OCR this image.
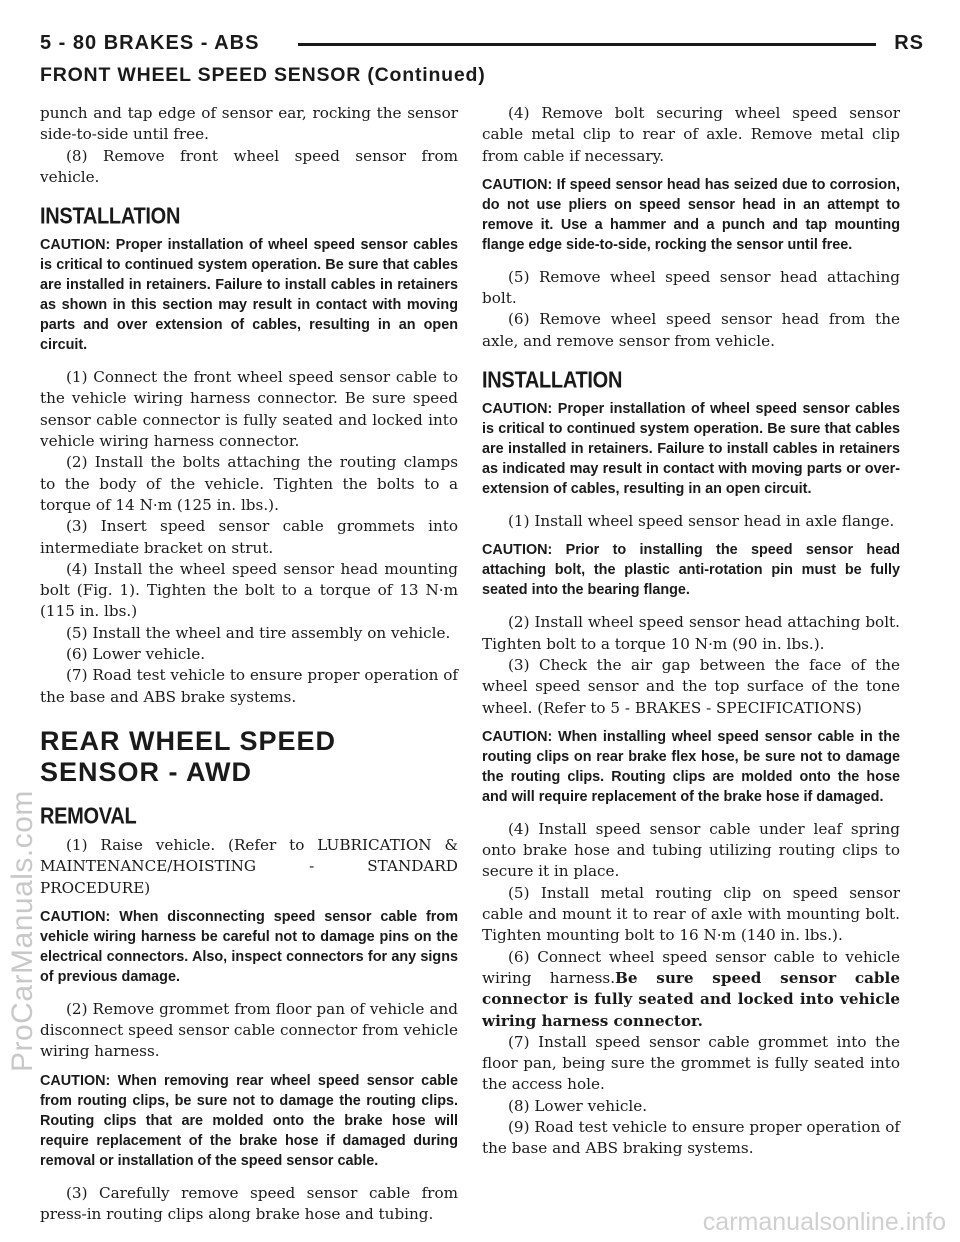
5 - 80 BRAKES - ABS	RS
FRONT WHEEL SPEED SENSOR (Continued)

punch and tap edge of sensor ear, rocking the sensor side-to-side until free.

(8) Remove front wheel speed sensor from vehicle.

INSTALLATION
CAUTION: Proper installation of wheel speed sensor cables is critical to continued system operation. Be sure that cables are installed in retainers. Failure to install cables in retainers as shown in this section may result in contact with moving parts and over extension of cables, resulting in an open circuit.

(1) Connect the front wheel speed sensor cable to the vehicle wiring harness connector. Be sure speed sensor cable connector is fully seated and locked into vehicle wiring harness connector.

(2) Install the bolts attaching the routing clamps to the body of the vehicle. Tighten the bolts to a torque of 14 N·m (125 in. lbs.).

(3) Insert speed sensor cable grommets into intermediate bracket on strut.

(4) Install the wheel speed sensor head mounting bolt (Fig. 1). Tighten the bolt to a torque of 13 N·m (115 in. lbs.)

(5) Install the wheel and tire assembly on vehicle.

(6) Lower vehicle.

(7) Road test vehicle to ensure proper operation of the base and ABS brake systems.

REAR WHEEL SPEED SENSOR - AWD
REMOVAL

(1) Raise vehicle. (Refer to LUBRICATION & MAINTENANCE/HOISTING - STANDARD PROCEDURE)

CAUTION: When disconnecting speed sensor cable from vehicle wiring harness be careful not to damage pins on the electrical connectors. Also, inspect connectors for any signs of previous damage.

(2) Remove grommet from floor pan of vehicle and disconnect speed sensor cable connector from vehicle wiring harness.

CAUTION: When removing rear wheel speed sensor cable from routing clips, be sure not to damage the routing clips. Routing clips that are molded onto the brake hose will require replacement of the brake hose if damaged during removal or installation of the speed sensor cable.

(3) Carefully remove speed sensor cable from press-in routing clips along brake hose and tubing.

(4) Remove bolt securing wheel speed sensor cable metal clip to rear of axle. Remove metal clip from cable if necessary.

CAUTION: If speed sensor head has seized due to corrosion, do not use pliers on speed sensor head in an attempt to remove it. Use a hammer and a punch and tap mounting flange edge side-to-side, rocking the sensor until free.

(5) Remove wheel speed sensor head attaching bolt.

(6) Remove wheel speed sensor head from the axle, and remove sensor from vehicle.

INSTALLATION
CAUTION: Proper installation of wheel speed sensor cables is critical to continued system operation. Be sure that cables are installed in retainers. Failure to install cables in retainers as indicated may result in contact with moving parts or over-extension of cables, resulting in an open circuit.

(1) Install wheel speed sensor head in axle flange.

CAUTION: Prior to installing the speed sensor head attaching bolt, the plastic anti-rotation pin must be fully seated into the bearing flange.

(2) Install wheel speed sensor head attaching bolt. Tighten bolt to a torque 10 N·m (90 in. lbs.).

(3) Check the air gap between the face of the wheel speed sensor and the top surface of the tone wheel. (Refer to 5 - BRAKES - SPECIFICATIONS)

CAUTION: When installing wheel speed sensor cable in the routing clips on rear brake flex hose, be sure not to damage the routing clips. Routing clips are molded onto the hose and will require replacement of the brake hose if damaged.

(4) Install speed sensor cable under leaf spring onto brake hose and tubing utilizing routing clips to secure it in place.

(5) Install metal routing clip on speed sensor cable and mount it to rear of axle with mounting bolt. Tighten mounting bolt to 16 N·m (140 in. lbs.).

(6) Connect wheel speed sensor cable to vehicle wiring harness.Be sure speed sensor cable connector is fully seated and locked into vehicle wiring harness connector.

(7) Install speed sensor cable grommet into the floor pan, being sure the grommet is fully seated into the access hole.

(8) Lower vehicle.

(9) Road test vehicle to ensure proper operation of the base and ABS braking systems.

ProCarManuals.com
carmanualsonline.info
